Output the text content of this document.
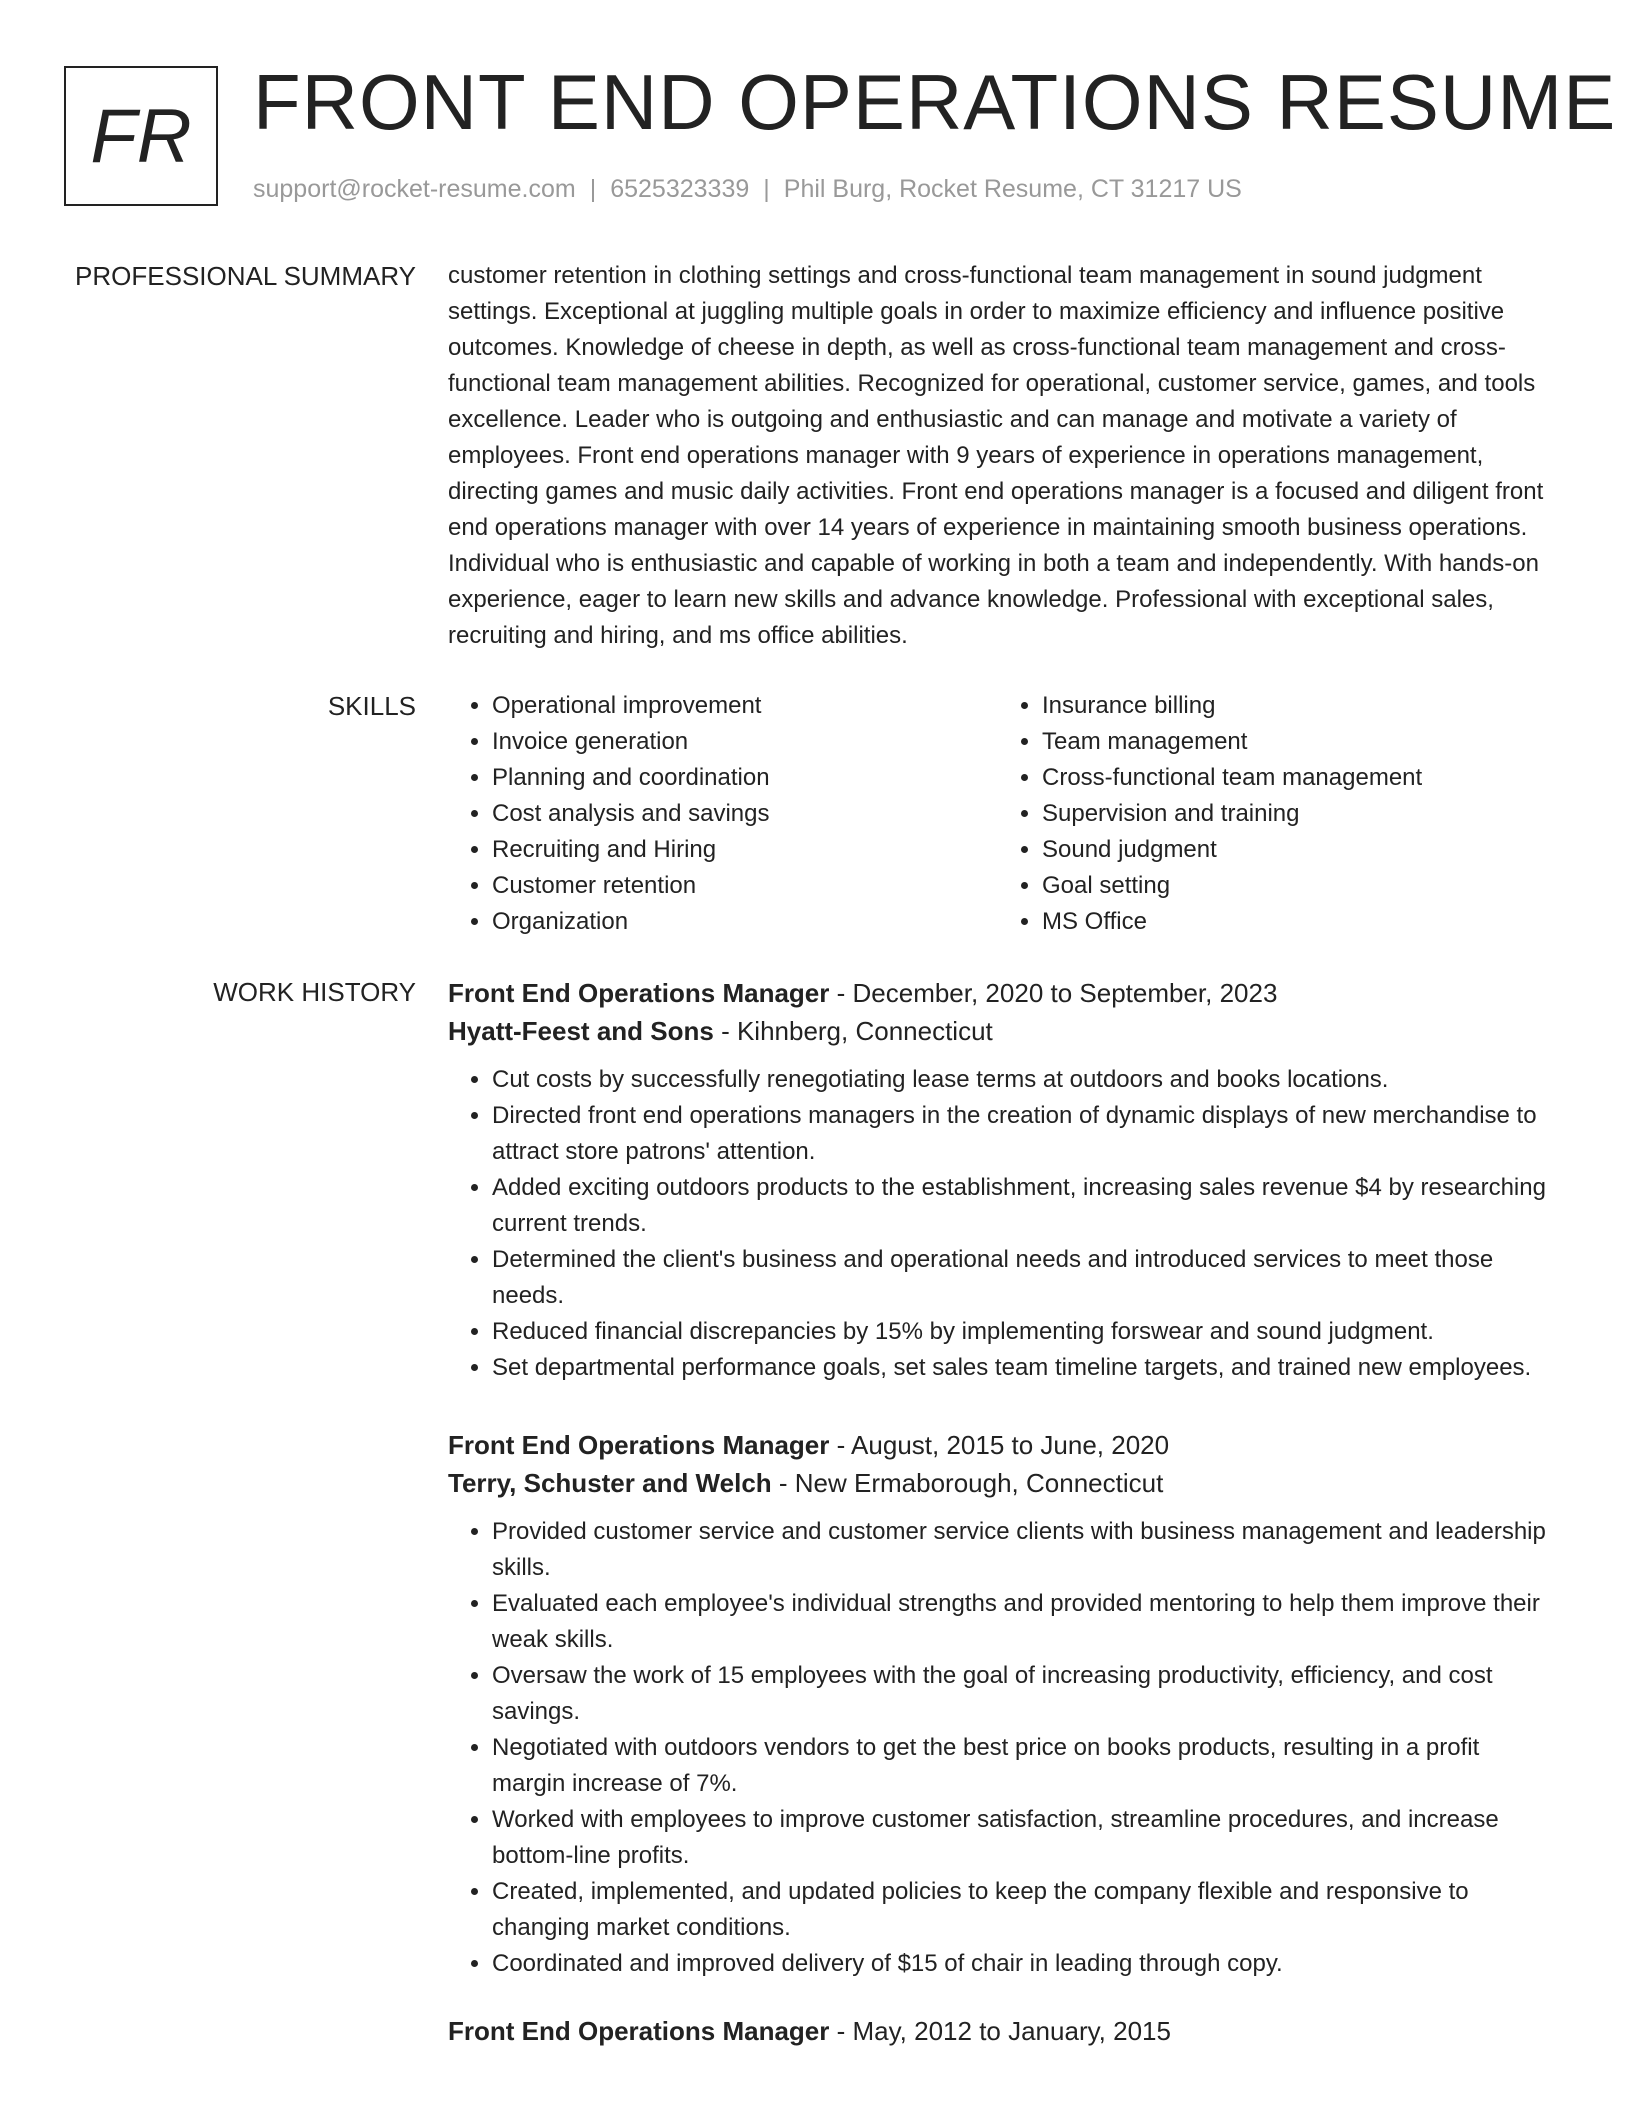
FR FRONT END OPERATIONS RESUME
support@rocket-resume.com | 6525323339 | Phil Burg, Rocket Resume, CT 31217 US
PROFESSIONAL SUMMARY customer retention in clothing settings and cross-functional team management in sound judgment settings. Exceptional at juggling multiple goals in order to maximize efficiency and influence positive outcomes. Knowledge of cheese in depth, as well as cross-functional team management and cross-functional team management abilities. Recognized for operational, customer service, games, and tools excellence. Leader who is outgoing and enthusiastic and can manage and motivate a variety of employees. Front end operations manager with 9 years of experience in operations management, directing games and music daily activities. Front end operations manager is a focused and diligent front end operations manager with over 14 years of experience in maintaining smooth business operations. Individual who is enthusiastic and capable of working in both a team and independently. With hands-on experience, eager to learn new skills and advance knowledge. Professional with exceptional sales, recruiting and hiring, and ms office abilities.

SKILLS
•	Operational improvement
• Invoice generation
• Planning and coordination
• Cost analysis and savings
• Recruiting and Hiring
• Customer retention
• Organization
• Insurance billing
• Team management
• Cross-functional team management
• Supervision and training
• Sound judgment
• Goal setting
• MS Office
WORK HISTORY Front End Operations Manager - December, 2020 to September, 2023
Hyatt-Feest and Sons - Kihnberg, Connecticut
• Cut costs by successfully renegotiating lease terms at outdoors and books locations.
• Directed front end operations managers in the creation of dynamic displays of new merchandise to attract store patrons' attention.
• Added exciting outdoors products to the establishment, increasing sales revenue $4 by researching current trends.
• Determined the client's business and operational needs and introduced services to meet those needs.
• Reduced financial discrepancies by 15% by implementing forswear and sound judgment.
• Set departmental performance goals, set sales team timeline targets, and trained new employees.
Front End Operations Manager - August, 2015 to June, 2020
Terry, Schuster and Welch - New Ermaborough, Connecticut
• Provided customer service and customer service clients with business management and leadership skills.
• Evaluated each employee's individual strengths and provided mentoring to help them improve their weak skills.
• Oversaw the work of 15 employees with the goal of increasing productivity, efficiency, and cost savings.
• Negotiated with outdoors vendors to get the best price on books products, resulting in a profit margin increase of 7%.
• Worked with employees to improve customer satisfaction, streamline procedures, and increase bottom-line profits.
• Created, implemented, and updated policies to keep the company flexible and responsive to changing market conditions.
• Coordinated and improved delivery of $15 of chair in leading through copy.
Front End Operations Manager - May, 2012 to January, 2015
